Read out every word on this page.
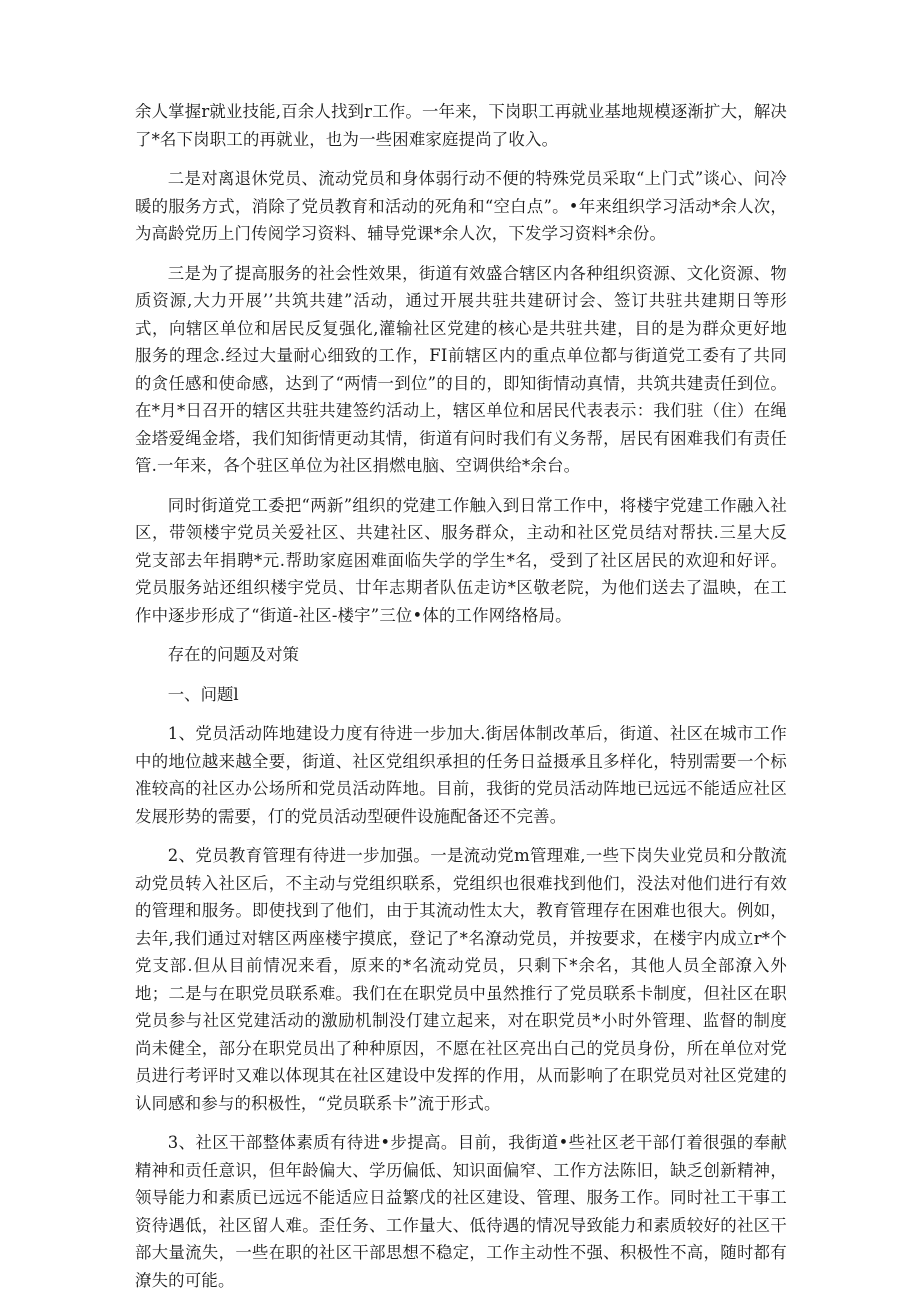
余人掌握r就业技能,百余人找到r工作。一年来，下岗职工再就业基地规模逐渐扩大，解决了*名下岗职工的再就业，也为一些困难家庭提尚了收入。

二是对离退休党员、流动党员和身体弱行动不便的特殊党员采取“上门式”谈心、问冷暖的服务方式，消除了党员教育和活动的死角和“空白点”。•年来组织学习活动*余人次，为高龄党历上门传阅学习资料、辅导党课*余人次，下发学习资料*余份。

三是为了提高服务的社会性效果，街道有效盛合辖区内各种组织资源、文化资源、物质资源,大力开展’’共筑共建”活动，通过开展共驻共建研讨会、签订共驻共建期日等形式，向辖区单位和居民反复强化,灌输社区党建的核心是共驻共建，目的是为群众更好地服务的理念.经过大量耐心细致的工作，FI前辖区内的重点单位都与街道党工委有了共同的贪任感和使命感，达到了“两情一到位”的目的，即知街情动真情，共筑共建责任到位。在*月*日召开的辖区共驻共建签约活动上，辖区单位和居民代表表示：我们驻（住）在绳金塔爱绳金塔，我们知街情更动其情，街道有问时我们有义务帮，居民有困难我们有责任管.一年来，各个驻区单位为社区捐燃电脑、空调供给*余台。

同时街道党工委把“两新”组织的党建工作触入到日常工作中，将楼宇党建工作融入社区，带领楼宇党员关爱社区、共建社区、服务群众，主动和社区党员结对帮扶.三星大反党支部去年捐聘*元.帮助家庭困难面临失学的学生*名，受到了社区居民的欢迎和好评。党员服务站还组织楼宇党员、廿年志期者队伍走访*区敬老院，为他们送去了温映，在工作中逐步形成了“街道-社区-楼宇”三位•体的工作网络格局。

存在的问题及对策

一、问题l

1、党员活动阵地建设力度有待进一步加大.街居体制改革后，街道、社区在城市工作中的地位越来越全要，街道、社区党组织承担的任务日益摄承且多样化，特别需要一个标准较高的社区办公场所和党员活动阵地。目前，我街的党员活动阵地已远远不能适应社区发展形势的需要，仃的党员活动型硬件设施配备还不完善。

2、党员教育管理有待进一步加强。一是流动党m管理难,一些下岗失业党员和分散流动党员转入社区后，不主动与党组织联系，党组织也很难找到他们，没法对他们进行有效的管理和服务。即使找到了他们，由于其流动性太大，教育管理存在困难也很大。例如，去年,我们通过对辖区两座楼宇摸底，登记了*名潦动党员，并按要求，在楼宇内成立r*个党支部.但从目前情况来看，原来的*名流动党员，只剩下*余名，其他人员全部潦入外地；二是与在职党员联系难。我们在在职党员中虽然推行了党员联系卡制度，但社区在职党员参与社区党建活动的激励机制没仃建立起来，对在职党员*小时外管理、监督的制度尚未健全，部分在职党员出了种种原因，不愿在社区亮出白己的党员身份，所在单位对党员进行考评时又难以体现其在社区建设中发挥的作用，从而影响了在职党员对社区党建的认同感和参与的积极性，“党员联系卡”流于形式。

3、社区干部整体素质有待进•步提高。目前，我街道•些社区老干部仃着很强的奉献精神和贡任意识，但年龄偏大、学历偏低、知识面偏窄、工作方法陈旧，缺乏创新精神，领导能力和素质已远远不能适应日益繁戊的社区建设、管理、服务工作。同时社工干事工资待遇低，社区留人难。歪任务、工作量大、低待遇的情况导致能力和素质较好的社区干部大量流失，一些在职的社区干部思想不稳定，工作主动性不强、积极性不高，随时都有潦失的可能。
